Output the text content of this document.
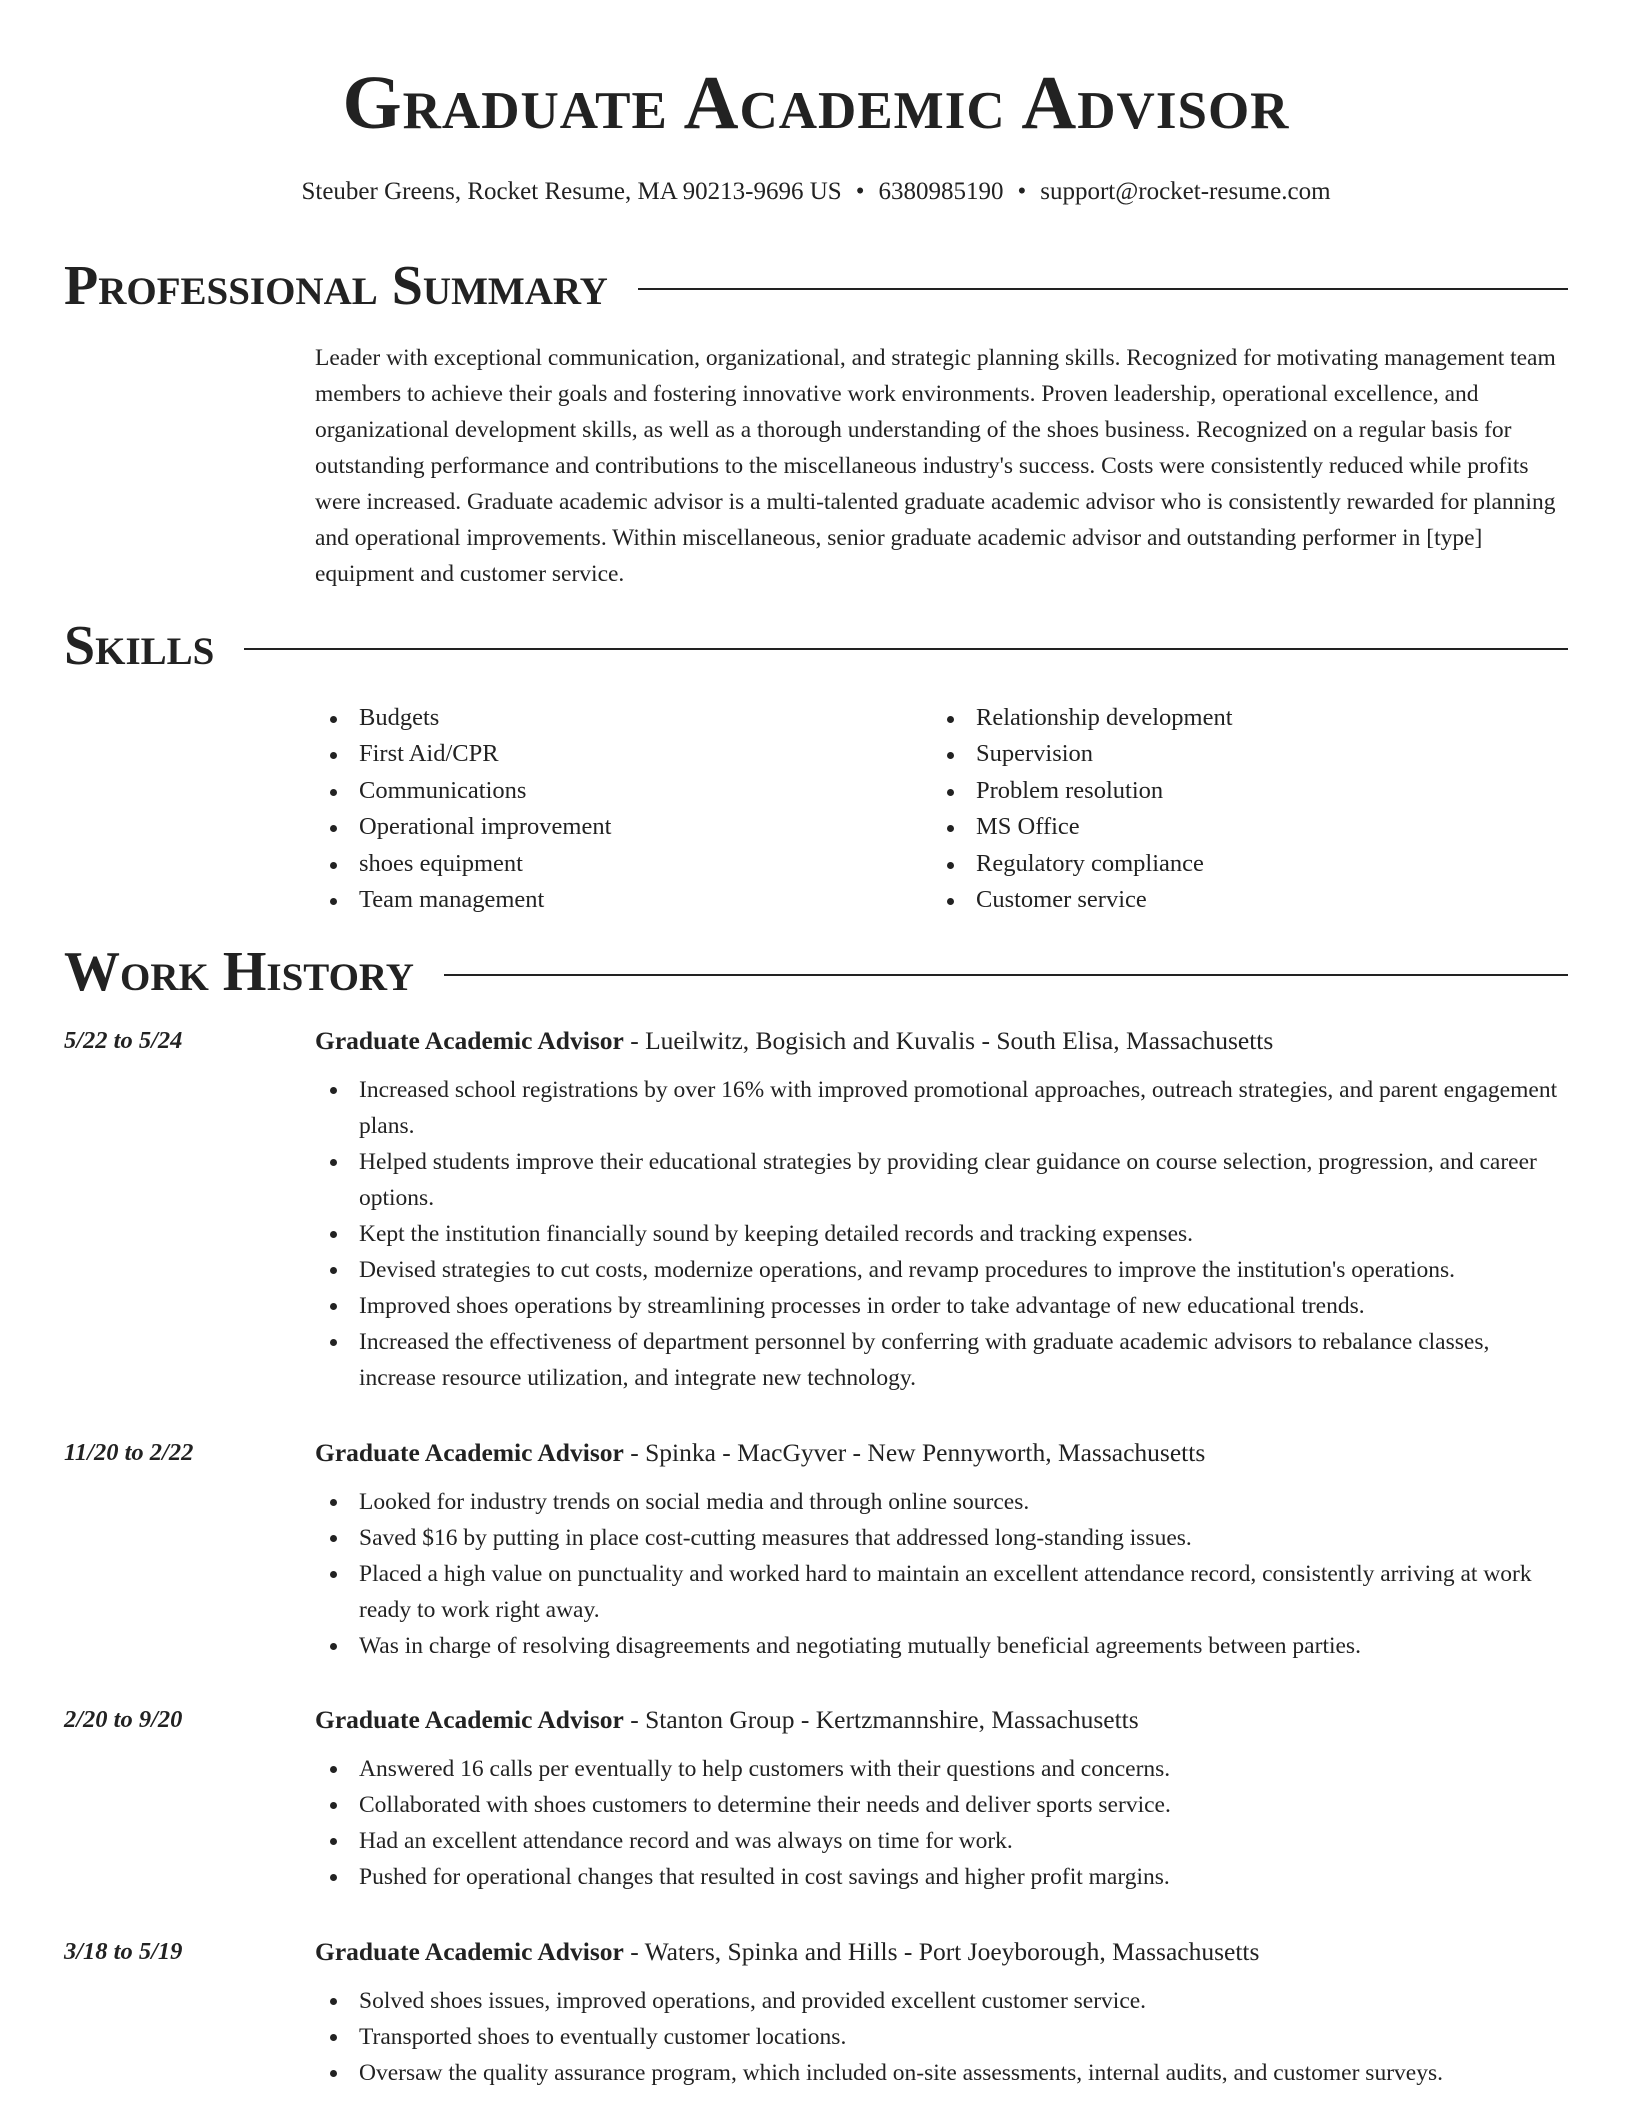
Graduate Academic Advisor
Steuber Greens, Rocket Resume, MA 90213-9696 US • 6380985190 • support@rocket-resume.com
Professional Summary

Leader with exceptional communication, organizational, and strategic planning skills. Recognized for motivating management team members to achieve their goals and fostering innovative work environments. Proven leadership, operational excellence, and organizational development skills, as well as a thorough understanding of the shoes business. Recognized on a regular basis for outstanding performance and contributions to the miscellaneous industry's success. Costs were consistently reduced while profits were increased. Graduate academic advisor is a multi-talented graduate academic advisor who is consistently rewarded for planning and operational improvements. Within miscellaneous, senior graduate academic advisor and outstanding performer in [type] equipment and customer service.

Skills
Budgets
First Aid/CPR
Communications
Operational improvement
shoes equipment
Team management
Relationship development
Supervision
Problem resolution
MS Office
Regulatory compliance
Customer service
Work History
5/22 to 5/24	Graduate Academic Advisor - Lueilwitz, Bogisich and Kuvalis - South Elisa, Massachusetts
Increased school registrations by over 16% with improved promotional approaches, outreach strategies, and parent engagement plans.
Helped students improve their educational strategies by providing clear guidance on course selection, progression, and career options.
Kept the institution financially sound by keeping detailed records and tracking expenses.
Devised strategies to cut costs, modernize operations, and revamp procedures to improve the institution's operations.
Improved shoes operations by streamlining processes in order to take advantage of new educational trends.
Increased the effectiveness of department personnel by conferring with graduate academic advisors to rebalance classes, increase resource utilization, and integrate new technology.
11/20 to 2/22	Graduate Academic Advisor - Spinka - MacGyver - New Pennyworth, Massachusetts
Looked for industry trends on social media and through online sources.
Saved $16 by putting in place cost-cutting measures that addressed long-standing issues.
Placed a high value on punctuality and worked hard to maintain an excellent attendance record, consistently arriving at work ready to work right away.
Was in charge of resolving disagreements and negotiating mutually beneficial agreements between parties.
2/20 to 9/20	Graduate Academic Advisor - Stanton Group - Kertzmannshire, Massachusetts
Answered 16 calls per eventually to help customers with their questions and concerns.
Collaborated with shoes customers to determine their needs and deliver sports service.
Had an excellent attendance record and was always on time for work.
Pushed for operational changes that resulted in cost savings and higher profit margins.
3/18 to 5/19	Graduate Academic Advisor - Waters, Spinka and Hills - Port Joeyborough, Massachusetts
Solved shoes issues, improved operations, and provided excellent customer service.
Transported shoes to eventually customer locations.
Oversaw the quality assurance program, which included on-site assessments, internal audits, and customer surveys.
